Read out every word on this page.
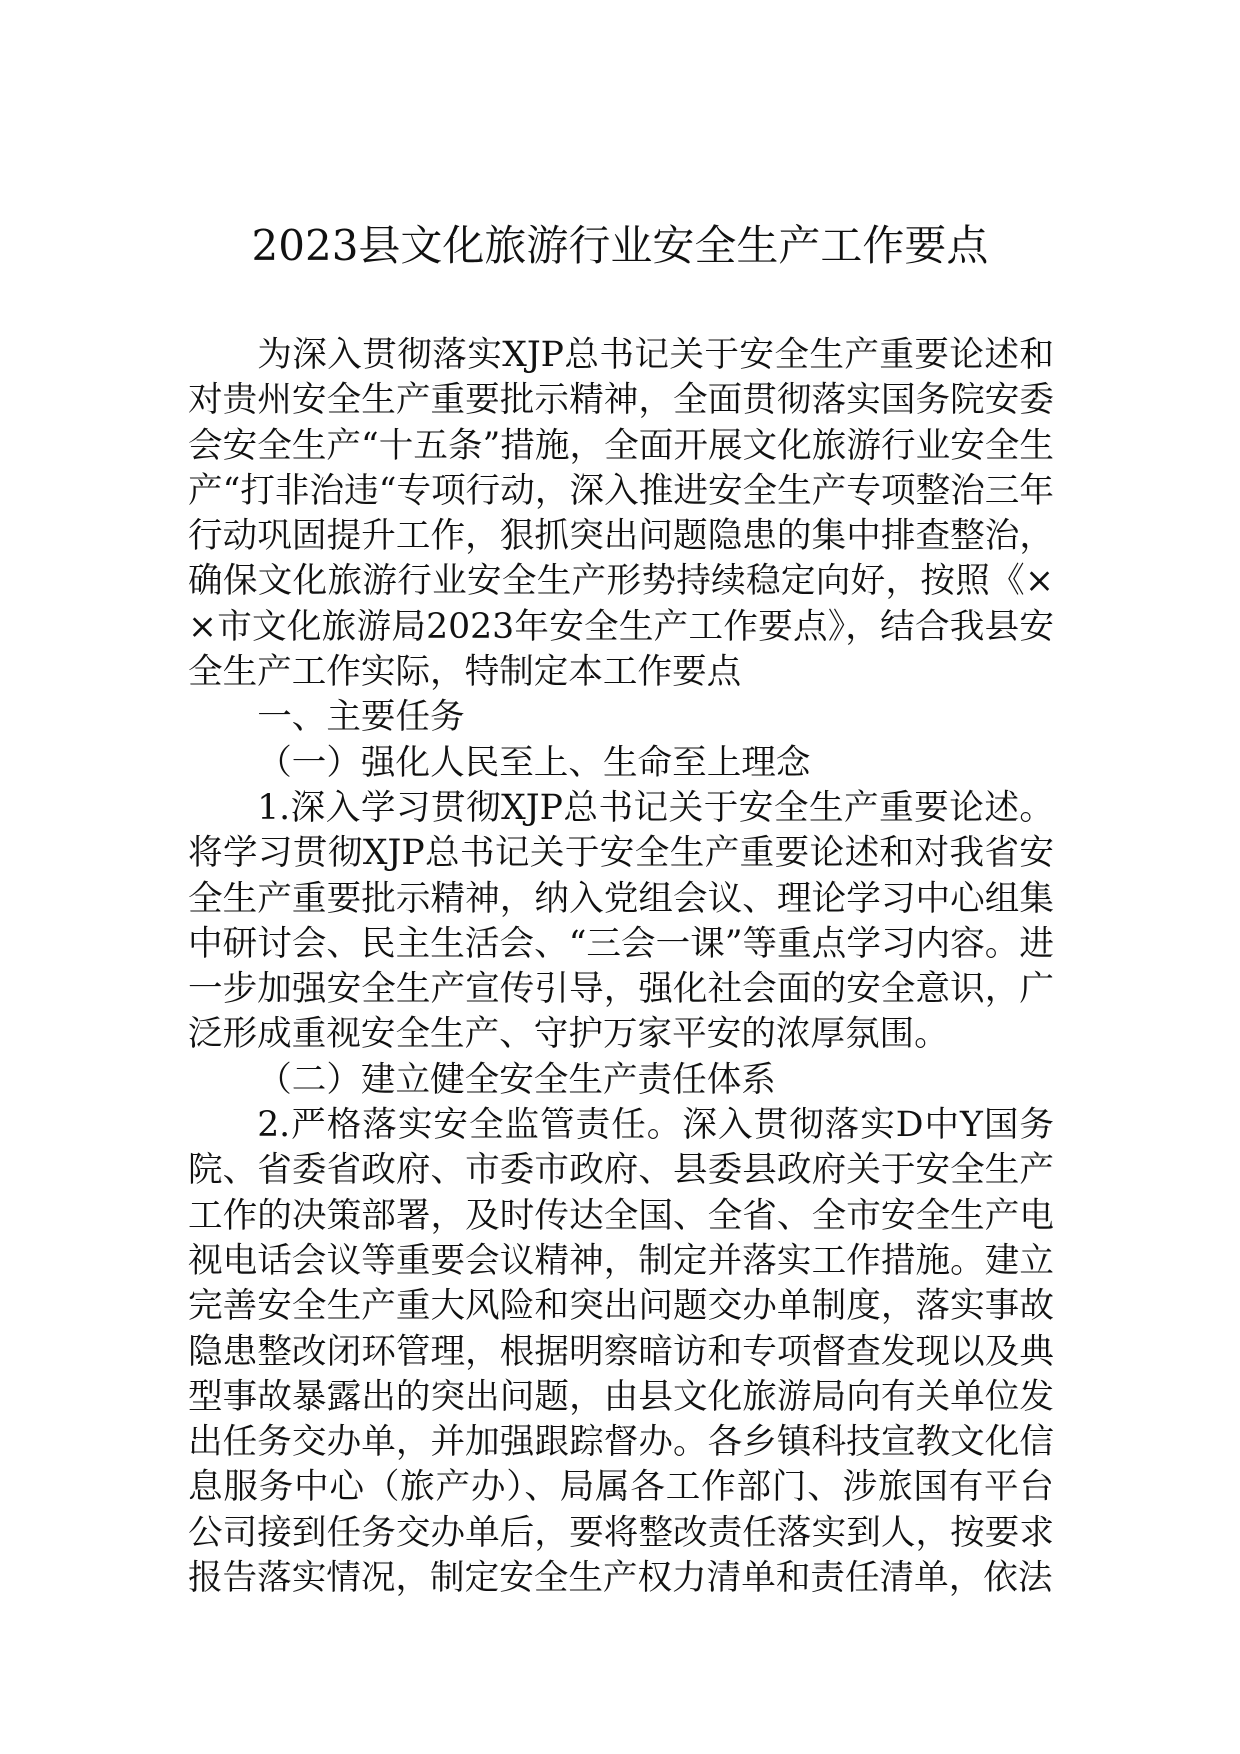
2023县文化旅游行业安全生产工作要点

为深入贯彻落实XJP总书记关于安全生产重要论述和对贵州安全生产重要批示精神，全面贯彻落实国务院安委会安全生产“十五条”措施，全面开展文化旅游行业安全生产“打非治违“专项行动，深入推进安全生产专项整治三年行动巩固提升工作，狠抓突出问题隐患的集中排查整治，确保文化旅游行业安全生产形势持续稳定向好，按照《××市文化旅游局2023年安全生产工作要点》，结合我县安全生产工作实际，特制定本工作要点

一、主要任务

（一）强化人民至上、生命至上理念

1.深入学习贯彻XJP总书记关于安全生产重要论述。将学习贯彻XJP总书记关于安全生产重要论述和对我省安全生产重要批示精神，纳入党组会议、理论学习中心组集中研讨会、民主生活会、“三会一课”等重点学习内容。进一步加强安全生产宣传引导，强化社会面的安全意识，广泛形成重视安全生产、守护万家平安的浓厚氛围。

（二）建立健全安全生产责任体系

2.严格落实安全监管责任。深入贯彻落实D中Y国务院、省委省政府、市委市政府、县委县政府关于安全生产工作的决策部署，及时传达全国、全省、全市安全生产电视电话会议等重要会议精神，制定并落实工作措施。建立完善安全生产重大风险和突出问题交办单制度，落实事故隐患整改闭环管理，根据明察暗访和专项督查发现以及典型事故暴露出的突出问题，由县文化旅游局向有关单位发出任务交办单，并加强跟踪督办。各乡镇科技宣教文化信息服务中心（旅产办）、局属各工作部门、涉旅国有平台公司接到任务交办单后，要将整改责任落实到人，按要求报告落实情况，制定安全生产权力清单和责任清单，依法
